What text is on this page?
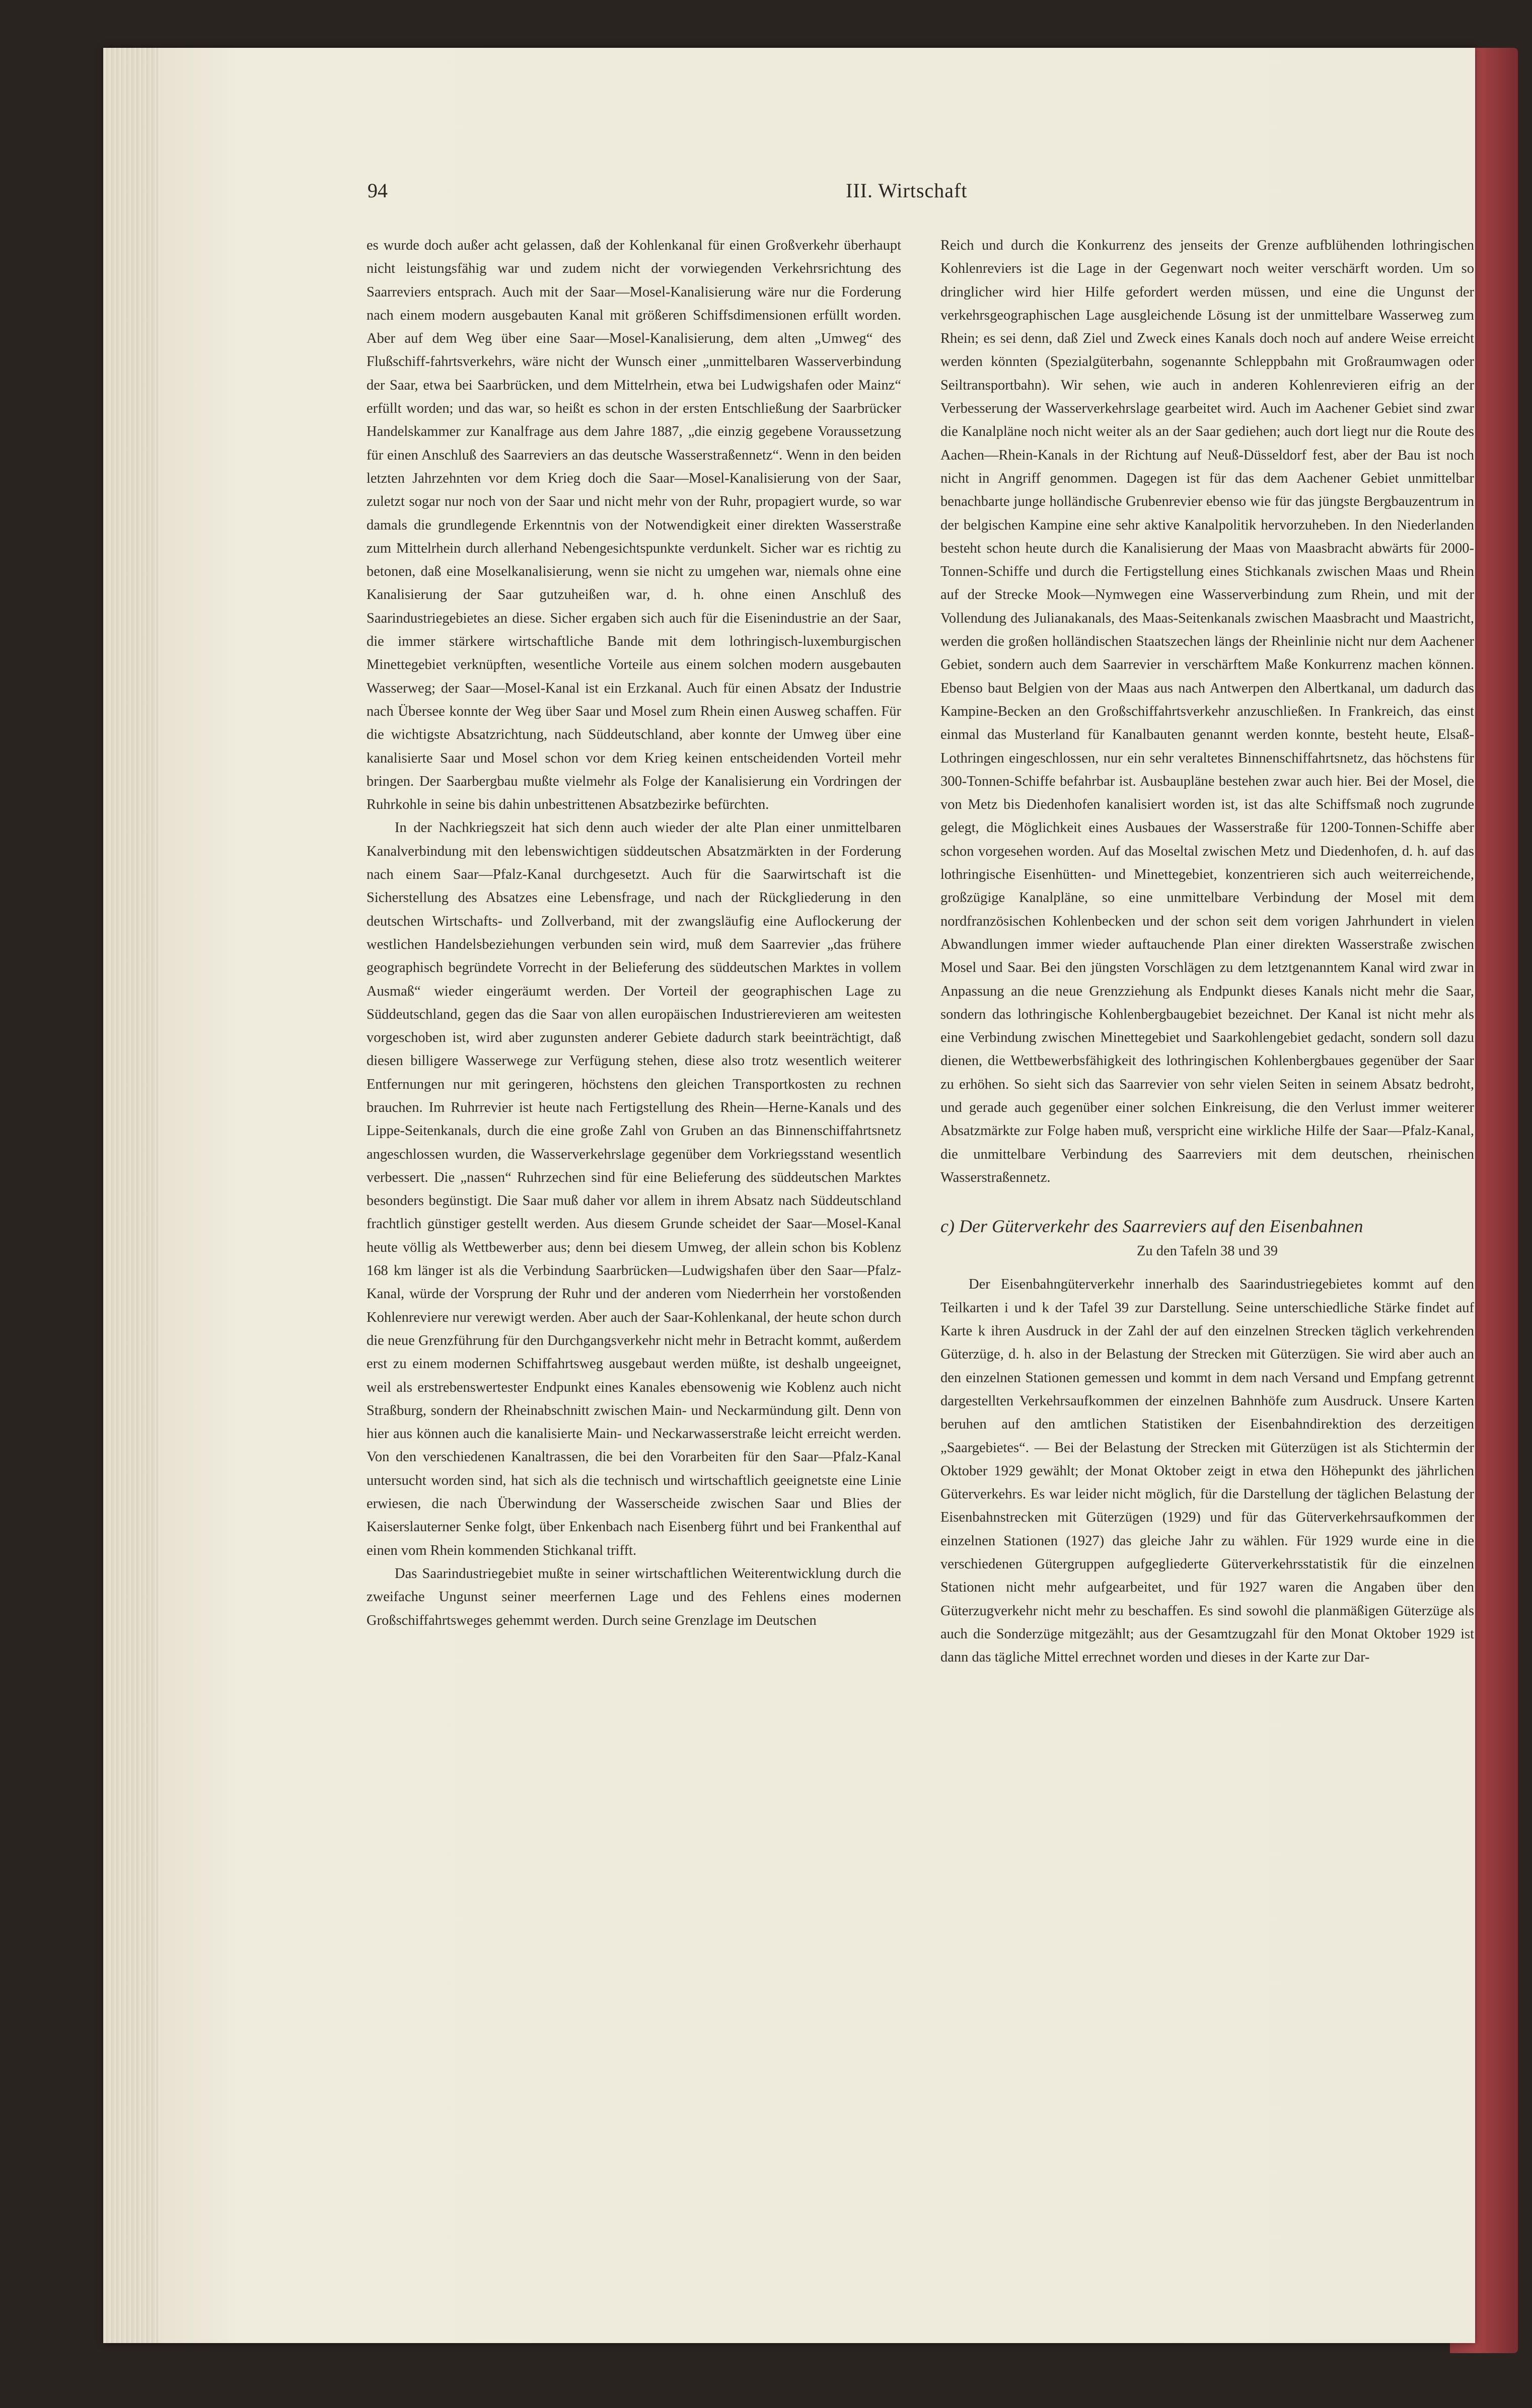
94	III. Wirtschaft

es wurde doch außer acht gelassen, daß der Kohlenkanal für einen Großverkehr überhaupt nicht leistungsfähig war und zudem nicht der vorwiegenden Verkehrsrichtung des Saarreviers entsprach. Auch mit der Saar—Mosel-Kanalisierung wäre nur die Forderung nach einem modern ausgebauten Kanal mit größeren Schiffsdimensionen erfüllt worden. Aber auf dem Weg über eine Saar—Mosel-Kanalisierung, dem alten „Umweg“ des Flußschiff-fahrtsverkehrs, wäre nicht der Wunsch einer „unmittelbaren Wasserverbindung der Saar, etwa bei Saarbrücken, und dem Mittelrhein, etwa bei Ludwigshafen oder Mainz“ erfüllt worden; und das war, so heißt es schon in der ersten Entschließung der Saarbrücker Handelskammer zur Kanalfrage aus dem Jahre 1887, „die einzig gegebene Voraussetzung für einen Anschluß des Saarreviers an das deutsche Wasserstraßennetz“. Wenn in den beiden letzten Jahrzehnten vor dem Krieg doch die Saar—Mosel-Kanalisierung von der Saar, zuletzt sogar nur noch von der Saar und nicht mehr von der Ruhr, propagiert wurde, so war damals die grundlegende Erkenntnis von der Notwendigkeit einer direkten Wasserstraße zum Mittelrhein durch allerhand Nebengesichtspunkte verdunkelt. Sicher war es richtig zu betonen, daß eine Moselkanalisierung, wenn sie nicht zu umgehen war, niemals ohne eine Kanalisierung der Saar gutzuheißen war, d. h. ohne einen Anschluß des Saarindustriegebietes an diese. Sicher ergaben sich auch für die Eisenindustrie an der Saar, die immer stärkere wirtschaftliche Bande mit dem lothringisch-luxemburgischen Minettegebiet verknüpften, wesentliche Vorteile aus einem solchen modern ausgebauten Wasserweg; der Saar—Mosel-Kanal ist ein Erzkanal. Auch für einen Absatz der Industrie nach Übersee konnte der Weg über Saar und Mosel zum Rhein einen Ausweg schaffen. Für die wichtigste Absatzrichtung, nach Süddeutschland, aber konnte der Umweg über eine kanalisierte Saar und Mosel schon vor dem Krieg keinen entscheidenden Vorteil mehr bringen. Der Saarbergbau mußte vielmehr als Folge der Kanalisierung ein Vordringen der Ruhrkohle in seine bis dahin unbestrittenen Absatzbezirke befürchten.

In der Nachkriegszeit hat sich denn auch wieder der alte Plan einer unmittelbaren Kanalverbindung mit den lebenswichtigen süddeutschen Absatzmärkten in der Forderung nach einem Saar—Pfalz-Kanal durchgesetzt. Auch für die Saarwirtschaft ist die Sicherstellung des Absatzes eine Lebensfrage, und nach der Rückgliederung in den deutschen Wirtschafts- und Zollverband, mit der zwangsläufig eine Auflockerung der westlichen Handelsbeziehungen verbunden sein wird, muß dem Saarrevier „das frühere geographisch begründete Vorrecht in der Belieferung des süddeutschen Marktes in vollem Ausmaß“ wieder eingeräumt werden. Der Vorteil der geographischen Lage zu Süddeutschland, gegen das die Saar von allen europäischen Industrierevieren am weitesten vorgeschoben ist, wird aber zugunsten anderer Gebiete dadurch stark beeinträchtigt, daß diesen billigere Wasserwege zur Verfügung stehen, diese also trotz wesentlich weiterer Entfernungen nur mit geringeren, höchstens den gleichen Transportkosten zu rechnen brauchen. Im Ruhrrevier ist heute nach Fertigstellung des Rhein—Herne-Kanals und des Lippe-Seitenkanals, durch die eine große Zahl von Gruben an das Binnenschiffahrtsnetz angeschlossen wurden, die Wasserverkehrslage gegenüber dem Vorkriegsstand wesentlich verbessert. Die „nassen“ Ruhrzechen sind für eine Belieferung des süddeutschen Marktes besonders begünstigt. Die Saar muß daher vor allem in ihrem Absatz nach Süddeutschland frachtlich günstiger gestellt werden. Aus diesem Grunde scheidet der Saar—Mosel-Kanal heute völlig als Wettbewerber aus; denn bei diesem Umweg, der allein schon bis Koblenz 168 km länger ist als die Verbindung Saarbrücken—Ludwigshafen über den Saar—Pfalz-Kanal, würde der Vorsprung der Ruhr und der anderen vom Niederrhein her vorstoßenden Kohlenreviere nur verewigt werden. Aber auch der Saar-Kohlenkanal, der heute schon durch die neue Grenzführung für den Durchgangsverkehr nicht mehr in Betracht kommt, außerdem erst zu einem modernen Schiffahrtsweg ausgebaut werden müßte, ist deshalb ungeeignet, weil als erstrebenswertester Endpunkt eines Kanales ebensowenig wie Koblenz auch nicht Straßburg, sondern der Rheinabschnitt zwischen Main- und Neckarmündung gilt. Denn von hier aus können auch die kanalisierte Main- und Neckarwasserstraße leicht erreicht werden. Von den verschiedenen Kanaltrassen, die bei den Vorarbeiten für den Saar—Pfalz-Kanal untersucht worden sind, hat sich als die technisch und wirtschaftlich geeignetste eine Linie erwiesen, die nach Überwindung der Wasserscheide zwischen Saar und Blies der Kaiserslauterner Senke folgt, über Enkenbach nach Eisenberg führt und bei Frankenthal auf einen vom Rhein kommenden Stichkanal trifft.

Das Saarindustriegebiet mußte in seiner wirtschaftlichen Weiterentwicklung durch die zweifache Ungunst seiner meerfernen Lage und des Fehlens eines modernen Großschiffahrtsweges gehemmt werden. Durch seine Grenzlage im Deutschen

Reich und durch die Konkurrenz des jenseits der Grenze aufblühenden lothringischen Kohlenreviers ist die Lage in der Gegenwart noch weiter verschärft worden. Um so dringlicher wird hier Hilfe gefordert werden müssen, und eine die Ungunst der verkehrsgeographischen Lage ausgleichende Lösung ist der unmittelbare Wasserweg zum Rhein; es sei denn, daß Ziel und Zweck eines Kanals doch noch auf andere Weise erreicht werden könnten (Spezialgüterbahn, sogenannte Schleppbahn mit Großraumwagen oder Seiltransportbahn). Wir sehen, wie auch in anderen Kohlenrevieren eifrig an der Verbesserung der Wasserverkehrslage gearbeitet wird. Auch im Aachener Gebiet sind zwar die Kanalpläne noch nicht weiter als an der Saar gediehen; auch dort liegt nur die Route des Aachen—Rhein-Kanals in der Richtung auf Neuß-Düsseldorf fest, aber der Bau ist noch nicht in Angriff genommen. Dagegen ist für das dem Aachener Gebiet unmittelbar benachbarte junge holländische Grubenrevier ebenso wie für das jüngste Bergbauzentrum in der belgischen Kampine eine sehr aktive Kanalpolitik hervorzuheben. In den Niederlanden besteht schon heute durch die Kanalisierung der Maas von Maasbracht abwärts für 2000-Tonnen-Schiffe und durch die Fertigstellung eines Stichkanals zwischen Maas und Rhein auf der Strecke Mook—Nymwegen eine Wasserverbindung zum Rhein, und mit der Vollendung des Julianakanals, des Maas-Seitenkanals zwischen Maasbracht und Maastricht, werden die großen holländischen Staatszechen längs der Rheinlinie nicht nur dem Aachener Gebiet, sondern auch dem Saarrevier in verschärftem Maße Konkurrenz machen können. Ebenso baut Belgien von der Maas aus nach Antwerpen den Albertkanal, um dadurch das Kampine-Becken an den Großschiffahrtsverkehr anzuschließen. In Frankreich, das einst einmal das Musterland für Kanalbauten genannt werden konnte, besteht heute, Elsaß-Lothringen eingeschlossen, nur ein sehr veraltetes Binnenschiffahrtsnetz, das höchstens für 300-Tonnen-Schiffe befahrbar ist. Ausbaupläne bestehen zwar auch hier. Bei der Mosel, die von Metz bis Diedenhofen kanalisiert worden ist, ist das alte Schiffsmaß noch zugrunde gelegt, die Möglichkeit eines Ausbaues der Wasserstraße für 1200-Tonnen-Schiffe aber schon vorgesehen worden. Auf das Moseltal zwischen Metz und Diedenhofen, d. h. auf das lothringische Eisenhütten- und Minettegebiet, konzentrieren sich auch weiterreichende, großzügige Kanalpläne, so eine unmittelbare Verbindung der Mosel mit dem nordfranzösischen Kohlenbecken und der schon seit dem vorigen Jahrhundert in vielen Abwandlungen immer wieder auftauchende Plan einer direkten Wasserstraße zwischen Mosel und Saar. Bei den jüngsten Vorschlägen zu dem letztgenanntem Kanal wird zwar in Anpassung an die neue Grenzziehung als Endpunkt dieses Kanals nicht mehr die Saar, sondern das lothringische Kohlenbergbaugebiet bezeichnet. Der Kanal ist nicht mehr als eine Verbindung zwischen Minettegebiet und Saarkohlengebiet gedacht, sondern soll dazu dienen, die Wettbewerbsfähigkeit des lothringischen Kohlenbergbaues gegenüber der Saar zu erhöhen. So sieht sich das Saarrevier von sehr vielen Seiten in seinem Absatz bedroht, und gerade auch gegenüber einer solchen Einkreisung, die den Verlust immer weiterer Absatzmärkte zur Folge haben muß, verspricht eine wirkliche Hilfe der Saar—Pfalz-Kanal, die unmittelbare Verbindung des Saarreviers mit dem deutschen, rheinischen Wasserstraßennetz.

c) Der Güterverkehr des Saarreviers auf den Eisenbahnen
Zu den Tafeln 38 und 39

Der Eisenbahngüterverkehr innerhalb des Saarindustriegebietes kommt auf den Teilkarten i und k der Tafel 39 zur Darstellung. Seine unterschiedliche Stärke findet auf Karte k ihren Ausdruck in der Zahl der auf den einzelnen Strecken täglich verkehrenden Güterzüge, d. h. also in der Belastung der Strecken mit Güterzügen. Sie wird aber auch an den einzelnen Stationen gemessen und kommt in dem nach Versand und Empfang getrennt dargestellten Verkehrsaufkommen der einzelnen Bahnhöfe zum Ausdruck. Unsere Karten beruhen auf den amtlichen Statistiken der Eisenbahndirektion des derzeitigen „Saargebietes“. — Bei der Belastung der Strecken mit Güterzügen ist als Stichtermin der Oktober 1929 gewählt; der Monat Oktober zeigt in etwa den Höhepunkt des jährlichen Güterverkehrs. Es war leider nicht möglich, für die Darstellung der täglichen Belastung der Eisenbahnstrecken mit Güterzügen (1929) und für das Güterverkehrsaufkommen der einzelnen Stationen (1927) das gleiche Jahr zu wählen. Für 1929 wurde eine in die verschiedenen Gütergruppen aufgegliederte Güterverkehrsstatistik für die einzelnen Stationen nicht mehr aufgearbeitet, und für 1927 waren die Angaben über den Güterzugverkehr nicht mehr zu beschaffen. Es sind sowohl die planmäßigen Güterzüge als auch die Sonderzüge mitgezählt; aus der Gesamtzugzahl für den Monat Oktober 1929 ist dann das tägliche Mittel errechnet worden und dieses in der Karte zur Dar-
